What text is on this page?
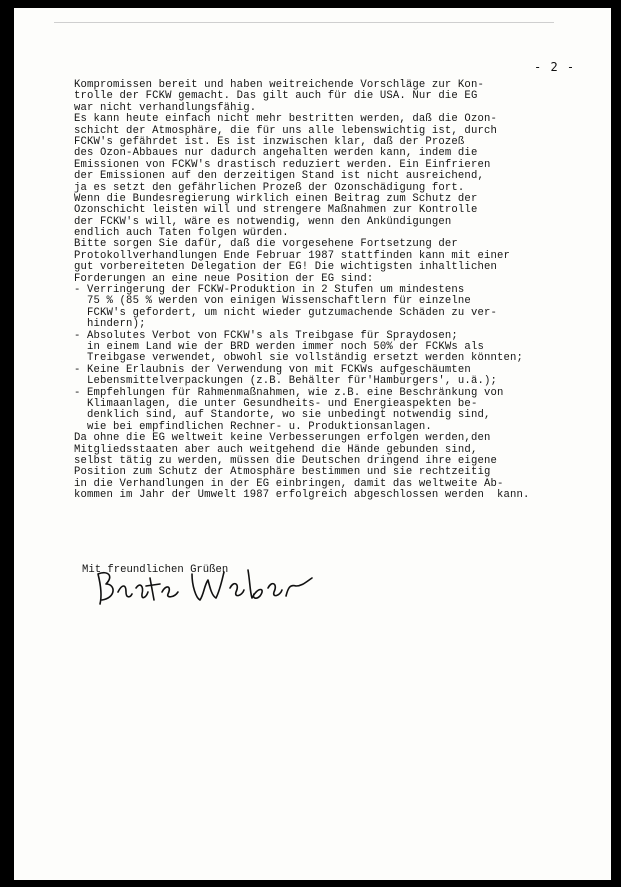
- 2 -
Kompromissen bereit und haben weitreichende Vorschläge zur Kon-
trolle der FCKW gemacht. Das gilt auch für die USA. Nur die EG
war nicht verhandlungsfähig.
Es kann heute einfach nicht mehr bestritten werden, daß die Ozon-
schicht der Atmosphäre, die für uns alle lebenswichtig ist, durch
FCKW's gefährdet ist. Es ist inzwischen klar, daß der Prozeß
des Ozon-Abbaues nur dadurch angehalten werden kann, indem die
Emissionen von FCKW's drastisch reduziert werden. Ein Einfrieren
der Emissionen auf den derzeitigen Stand ist nicht ausreichend,
ja es setzt den gefährlichen Prozeß der Ozonschädigung fort.
Wenn die Bundesregierung wirklich einen Beitrag zum Schutz der
Ozonschicht leisten will und strengere Maßnahmen zur Kontrolle
der FCKW's will, wäre es notwendig, wenn den Ankündigungen
endlich auch Taten folgen würden.
Bitte sorgen Sie dafür, daß die vorgesehene Fortsetzung der
Protokollverhandlungen Ende Februar 1987 stattfinden kann mit einer
gut vorbereiteten Delegation der EG! Die wichtigsten inhaltlichen
Forderungen an eine neue Position der EG sind:
- Verringerung der FCKW-Produktion in 2 Stufen um mindestens
75 % (85 % werden von einigen Wissenschaftlern für einzelne
FCKW's gefordert, um nicht wieder gutzumachende Schäden zu ver-
hindern);
- Absolutes Verbot von FCKW's als Treibgase für Spraydosen;
in einem Land wie der BRD werden immer noch 50% der FCKWs als
Treibgase verwendet, obwohl sie vollständig ersetzt werden könnten;
- Keine Erlaubnis der Verwendung von mit FCKWs aufgeschäumten
Lebensmittelverpackungen (z.B. Behälter für'Hamburgers', u.ä.);
- Empfehlungen für Rahmenmaßnahmen, wie z.B. eine Beschränkung von
Klimaanlagen, die unter Gesundheits- und Energieaspekten be-
denklich sind, auf Standorte, wo sie unbedingt notwendig sind,
wie bei empfindlichen Rechner- u. Produktionsanlagen.
Da ohne die EG weltweit keine Verbesserungen erfolgen werden,den
Mitgliedsstaaten aber auch weitgehend die Hände gebunden sind,
selbst tätig zu werden, müssen die Deutschen dringend ihre eigene
Position zum Schutz der Atmosphäre bestimmen und sie rechtzeitig
in die Verhandlungen in der EG einbringen, damit das weltweite Ab-
kommen im Jahr der Umwelt 1987 erfolgreich abgeschlossen werden  kann.
Mit freundlichen Grüßen
